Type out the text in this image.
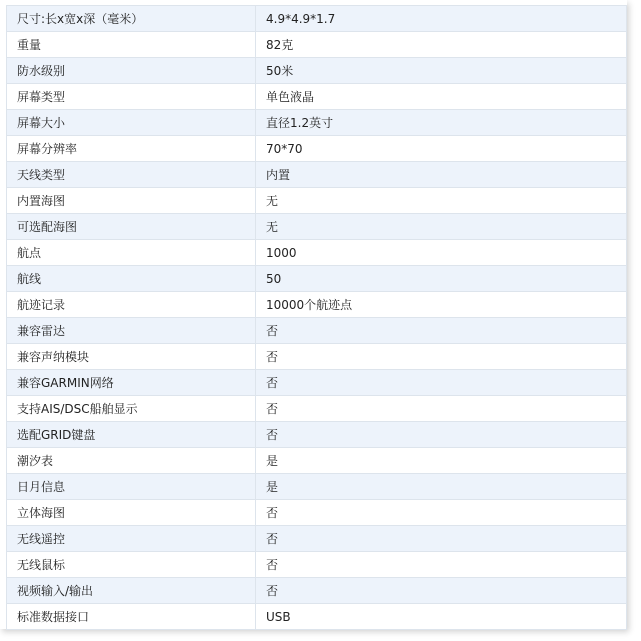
尺寸:长x宽x深（毫米）	4.9*4.9*1.7
重量	82克
防水级别	50米
屏幕类型	单色液晶
屏幕大小	直径1.2英寸
屏幕分辨率	70*70
天线类型	内置
内置海图	无
可选配海图	无
航点	1000
航线	50
航迹记录	10000个航迹点
兼容雷达	否
兼容声纳模块	否
兼容GARMIN网络	否
支持AIS/DSC船舶显示	否
选配GRID键盘	否
潮汐表	是
日月信息	是
立体海图	否
无线遥控	否
无线鼠标	否
视频输入/输出	否
标准数据接口	USB
